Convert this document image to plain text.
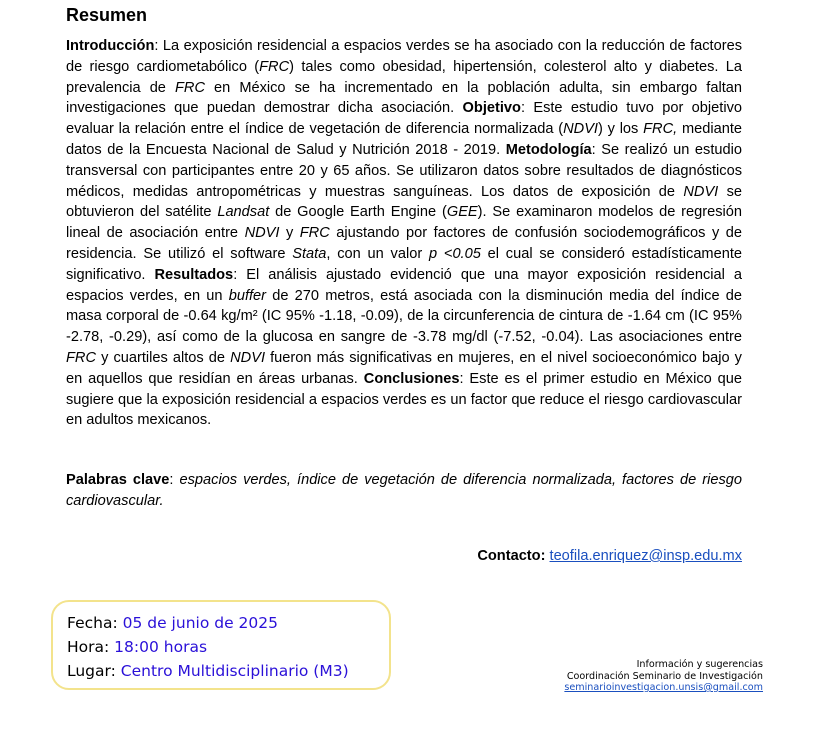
Resumen

Introducción: La exposición residencial a espacios verdes se ha asociado con la reducción de factores de riesgo cardiometabólico (FRC) tales como obesidad, hipertensión, colesterol alto y diabetes. La prevalencia de FRC en México se ha incrementado en la población adulta, sin embargo faltan investigaciones que puedan demostrar dicha asociación. Objetivo: Este estudio tuvo por objetivo evaluar la relación entre el índice de vegetación de diferencia normalizada (NDVI) y los FRC, mediante datos de la Encuesta Nacional de Salud y Nutrición 2018 - 2019. Metodología: Se realizó un estudio transversal con participantes entre 20 y 65 años. Se utilizaron datos sobre resultados de diagnósticos médicos, medidas antropométricas y muestras sanguíneas. Los datos de exposición de NDVI se obtuvieron del satélite Landsat de Google Earth Engine (GEE). Se examinaron modelos de regresión lineal de asociación entre NDVI y FRC ajustando por factores de confusión sociodemográficos y de residencia. Se utilizó el software Stata, con un valor p <0.05 el cual se consideró estadísticamente significativo. Resultados: El análisis ajustado evidenció que una mayor exposición residencial a espacios verdes, en un buffer de 270 metros, está asociada con la disminución media del índice de masa corporal de -0.64 kg/m² (IC 95% -1.18, -0.09), de la circunferencia de cintura de -1.64 cm (IC 95% -2.78, -0.29), así como de la glucosa en sangre de -3.78 mg/dl (-7.52, -0.04). Las asociaciones entre FRC y cuartiles altos de NDVI fueron más significativas en mujeres, en el nivel socioeconómico bajo y en aquellos que residían en áreas urbanas. Conclusiones: Este es el primer estudio en México que sugiere que la exposición residencial a espacios verdes es un factor que reduce el riesgo cardiovascular en adultos mexicanos.

Palabras clave: espacios verdes, índice de vegetación de diferencia normalizada, factores de riesgo cardiovascular.

Contacto: teofila.enriquez@insp.edu.mx
Fecha: 05 de junio de 2025
Hora: 18:00 horas
Lugar: Centro Multidisciplinario (M3)	Información y sugerencias
Coordinación Seminario de Investigación
seminarioinvestigacion.unsis@gmail.com
